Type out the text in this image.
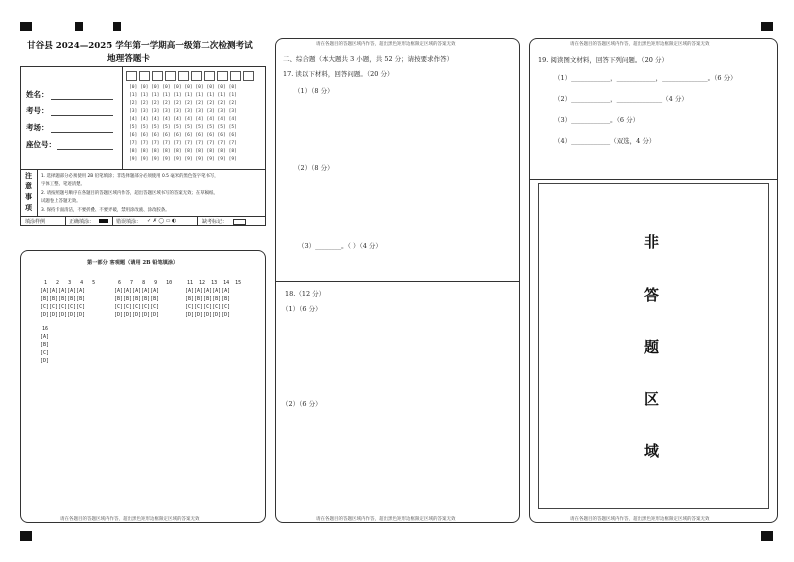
甘谷县 2024—2025 学年第一学期高一级第二次检测考试
地理答题卡
姓名：
考号：
考场：
座位号：
[0] [0] [0] [0] [0] [0] [0] [0] [0] [0]
[1] [1] [1] [1] [1] [1] [1] [1] [1] [1]
[2] [2] [2] [2] [2] [2] [2] [2] [2] [2]
[3] [3] [3] [3] [3] [3] [3] [3] [3] [3]
[4] [4] [4] [4] [4] [4] [4] [4] [4] [4]
[5] [5] [5] [5] [5] [5] [5] [5] [5] [5]
[6] [6] [6] [6] [6] [6] [6] [6] [6] [6]
[7] [7] [7] [7] [7] [7] [7] [7] [7] [7]
[8] [8] [8] [8] [8] [8] [8] [8] [8] [8]
[9] [9] [9] [9] [9] [9] [9] [9] [9] [9]
注
意
事
项
1. 选择题部分必须使用 2B 铅笔填涂；非选择题部分必须使用 0.5 毫米的黑色签字笔书写，
字体工整、笔迹清楚。
2. 请按照题号顺序在各题目的答题区域内作答，超出答题区域书写的答案无效；在草稿纸、
试题卷上答题无效。
3. 保持卡面清洁，不要折叠、不要弄破，禁用涂改液、涂改胶条。
填涂样例	正确填涂：	错误填涂： ✓ ✗ ◯ ▭ ◐	缺考标记：
第一部分 客观题（请用 2B 铅笔填涂）
1   2   3   4   5
[A][A][A][A][A]
[B][B][B][B][B]
[C][C][C][C][C]
[D][D][D][D][D]
6   7   8   9   10
[A][A][A][A][A]
[B][B][B][B][B]
[C][C][C][C][C]
[D][D][D][D][D]
11  12  13  14  15
[A][A][A][A][A]
[B][B][B][B][B]
[C][C][C][C][C]
[D][D][D][D][D]
16
[A]
[B]
[C]
[D]
请在各题目的答题区域内作答，超出黑色矩形边框限定区域的答案无效
请在各题目的答题区域内作答，超出黑色矩形边框限定区域的答案无效
二、综合题（本大题共 3 小题，共 52 分；请按要求作答）
17. 读以下材料，回答问题。（20 分）
（1）（8 分）
（2）（8 分）
（3）________。（ ）（4 分）
18.（12 分）
（1）（6 分）
（2）（6 分）
请在各题目的答题区域内作答，超出黑色矩形边框限定区域的答案无效
请在各题目的答题区域内作答，超出黑色矩形边框限定区域的答案无效
19. 阅读图文材料，回答下列问题。（20 分）
（1）____________，____________，______________。（6 分）
（2）____________，______________（4 分）
（3）____________。（6 分）
（4）____________（双选，4 分）
非
答
题
区
域
请在各题目的答题区域内作答，超出黑色矩形边框限定区域的答案无效
